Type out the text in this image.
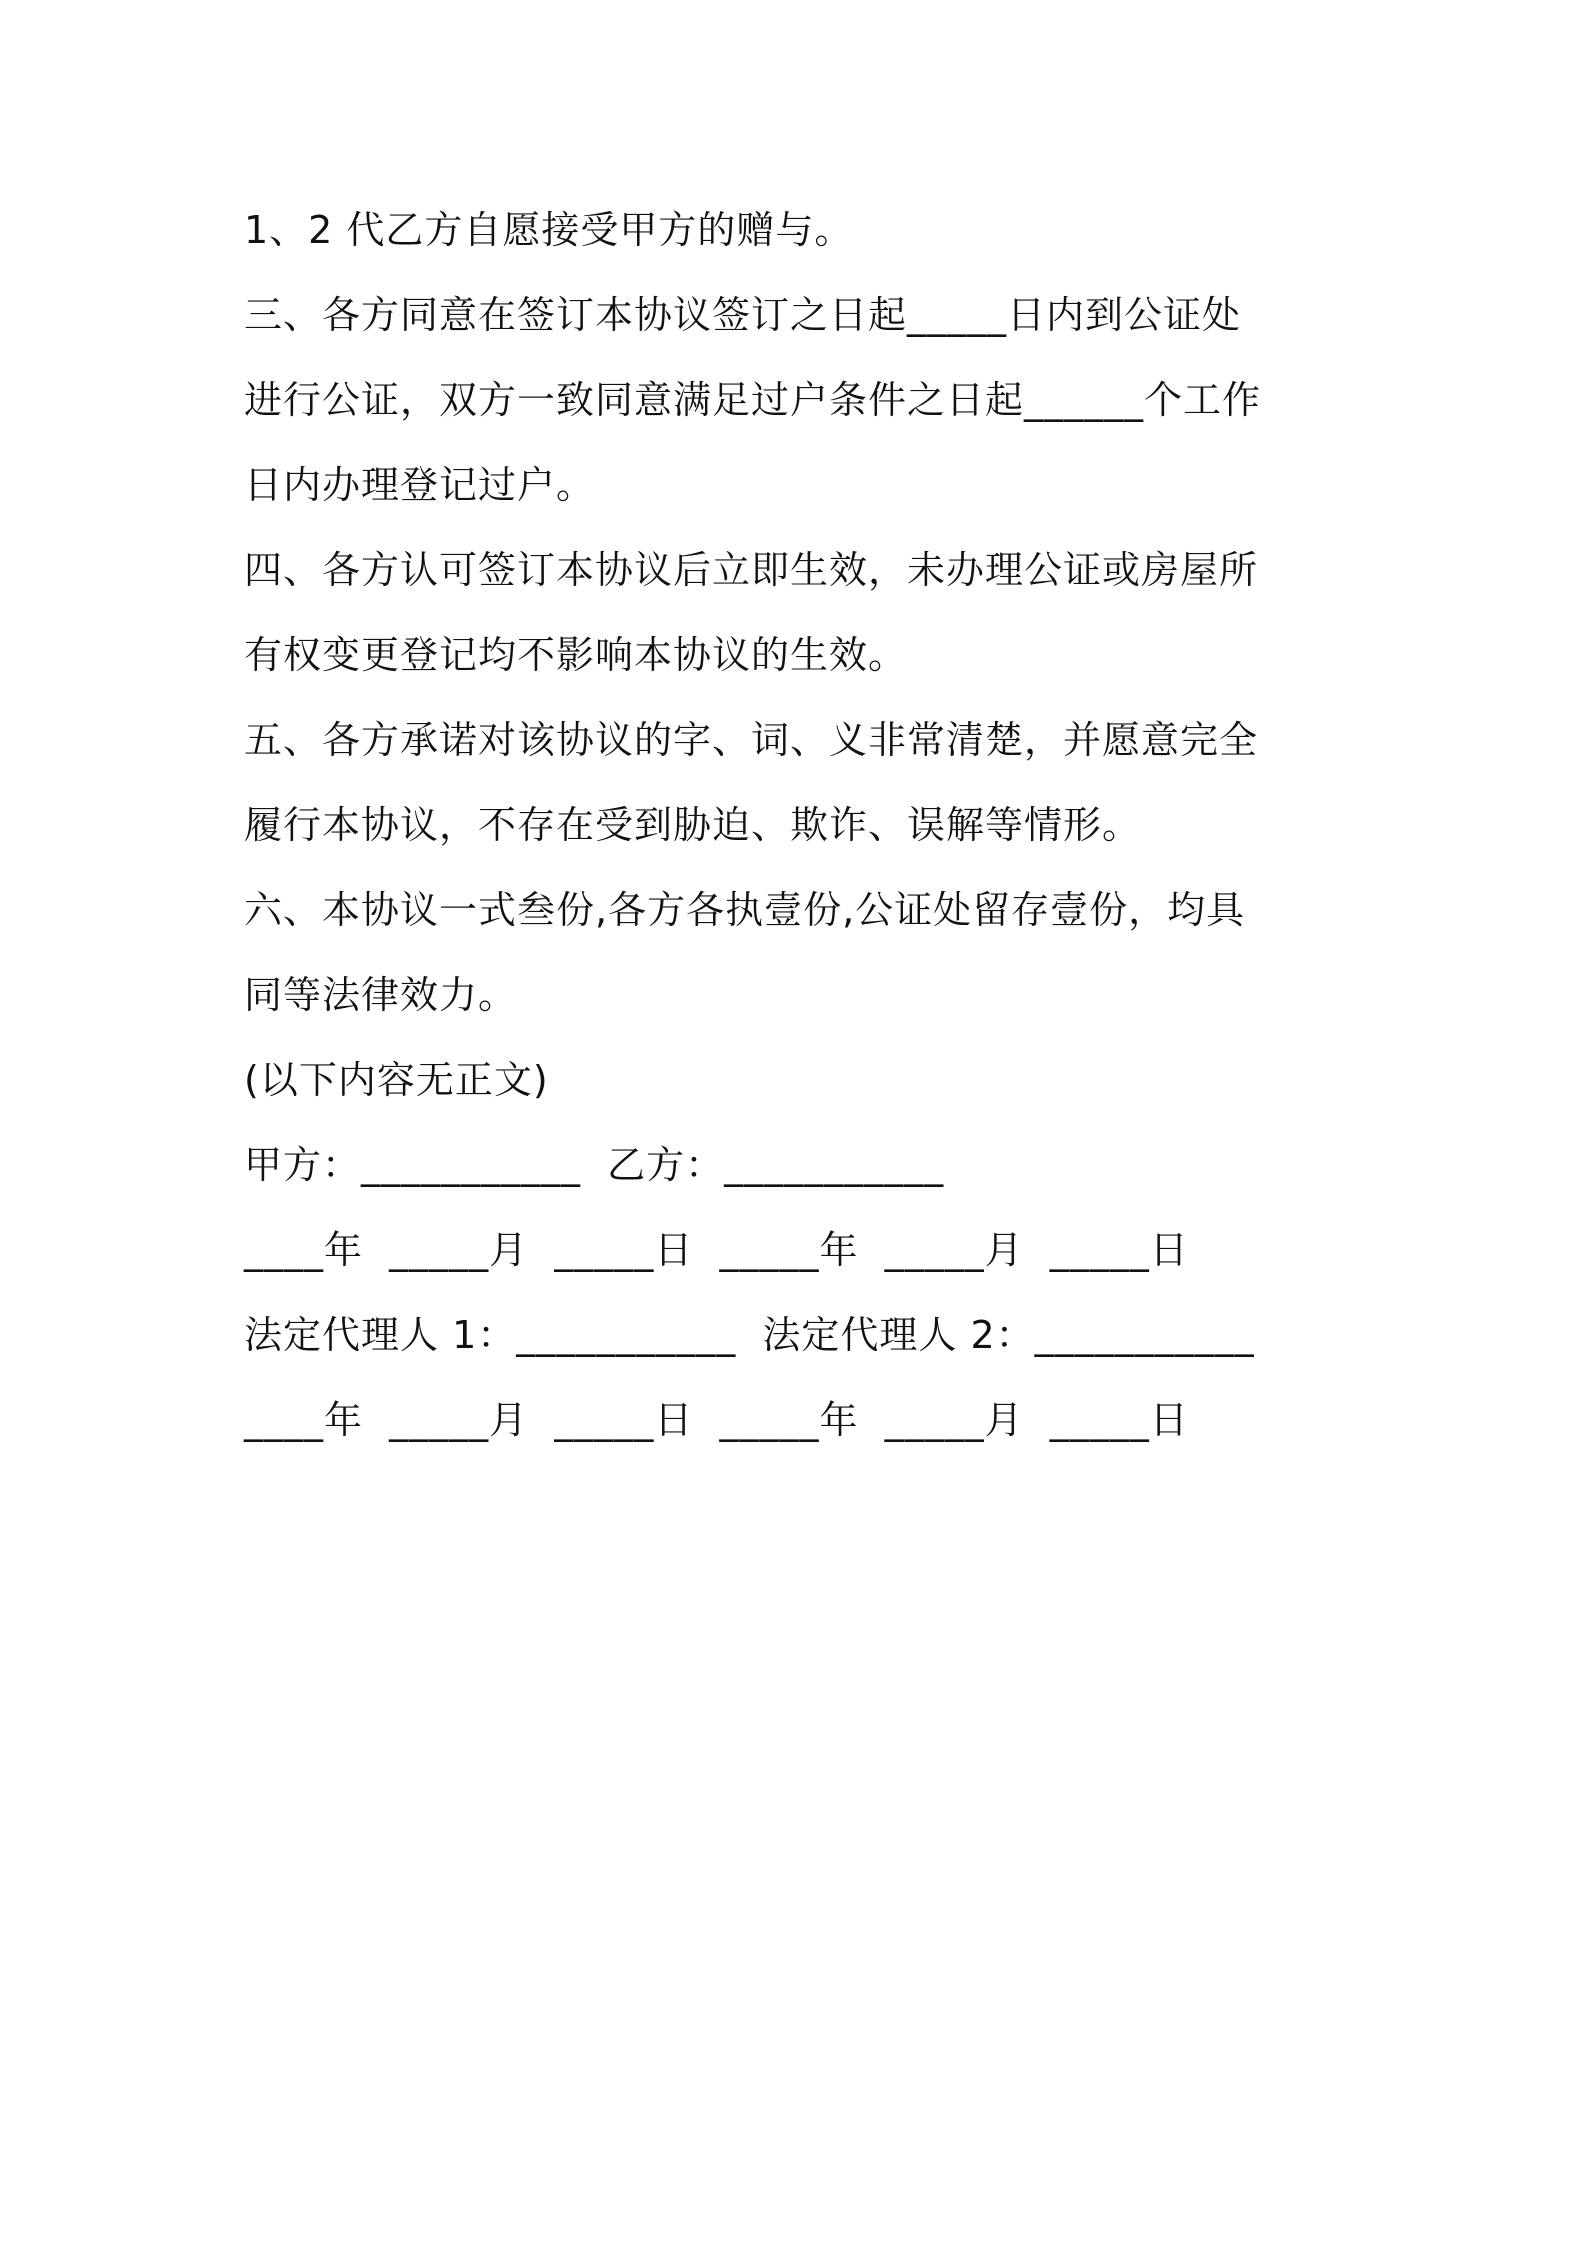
1、2 代乙方自愿接受甲方的赠与。
三、各方同意在签订本协议签订之日起_____日内到公证处
进行公证，双方一致同意满足过户条件之日起______个工作
日内办理登记过户。
四、各方认可签订本协议后立即生效，未办理公证或房屋所
有权变更登记均不影响本协议的生效。
五、各方承诺对该协议的字、词、义非常清楚，并愿意完全
履行本协议，不存在受到胁迫、欺诈、误解等情形。
六、本协议一式叁份,各方各执壹份,公证处留存壹份，均具
同等法律效力。
(以下内容无正文)
甲方：___________  乙方：___________
____年  _____月  _____日  _____年  _____月  _____日
法定代理人 1：___________  法定代理人 2：___________
____年  _____月  _____日  _____年  _____月  _____日
